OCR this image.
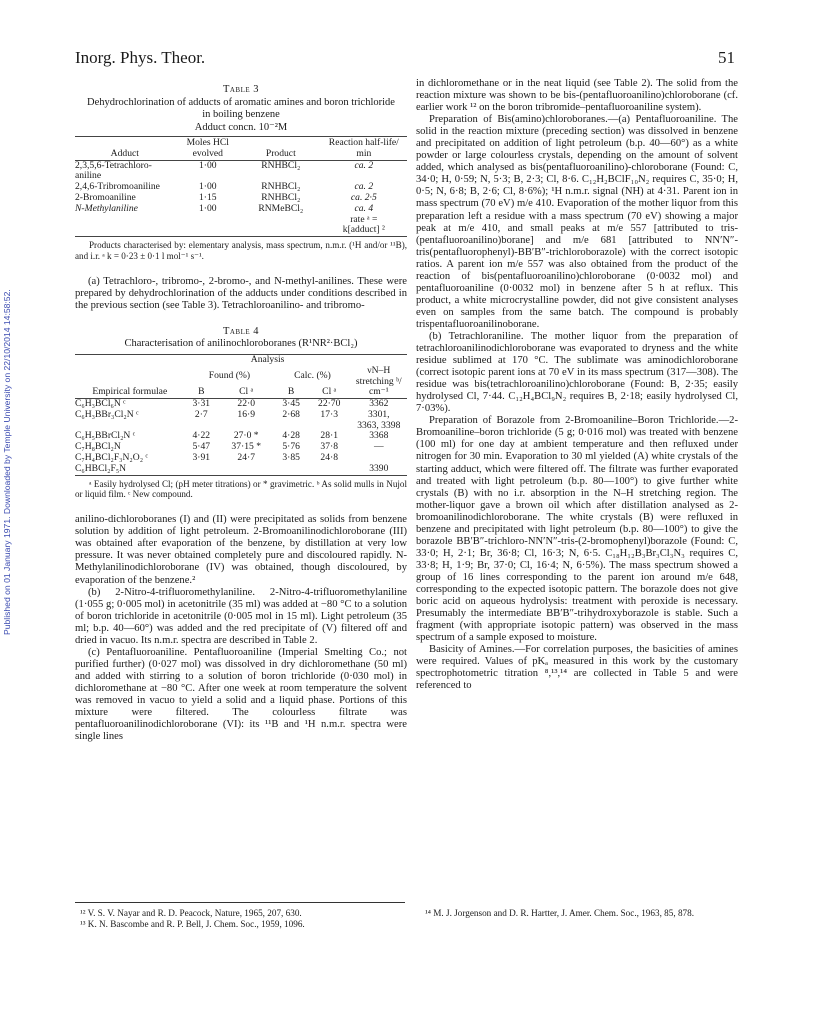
Inorg. Phys. Theor.	51
Published on 01 January 1971. Downloaded by Temple University on 22/10/2014 14:58:52.
Table 3
Dehydrochlorination of adducts of aromatic amines and boron trichloride in boiling benzene
Adduct concn. 10⁻²M
Adduct	Moles HCl evolved	Product	Reaction half-life/ min
2,3,5,6-Tetrachloro-aniline	1·00	RNHBCl₂	ca. 2
2,4,6-Tribromoaniline	1·00	RNHBCl₂	ca. 2
2-Bromoaniline	1·15	RNHBCl₂	ca. 2·5
N-Methylaniline	1·00	RNMeBCl₂	ca. 4
			rate ᵃ =
			k[adduct] ²
Products characterised by: elementary analysis, mass spectrum, n.m.r. (¹H and/or ¹¹B), and i.r. ᵃ k = 0·23 ± 0·1 l mol⁻¹ s⁻¹.

(a) Tetrachloro-, tribromo-, 2-bromo-, and N-methyl-anilines. These were prepared by dehydrochlorination of the adducts under conditions described in the previous section (see Table 3). Tetrachloroanilino- and tribromo-

Table 4
Characterisation of anilinochloroboranes (R¹NR²·BCl₂)
	Analysis				
Empirical formulae	Found (%)		Calc. (%)		νN–H stretching ᵇ/ cm⁻¹
	B	Cl ᵃ	B	Cl ᵃ	
C₆H₃BCl₆N ᶜ	3·31	22·0	3·45	22·70	3362
C₆H₃BBr₃Cl₂N ᶜ	2·7	16·9	2·68	17·3	3301, 3363, 3398
C₆H₅BBrCl₂N ᶜ	4·22	27·0 *	4·28	28·1	3368
C₇H₈BCl₂N	5·47	37·15 *	5·76	37·8	—
C₇H₄BCl₂F₃N₂O₂ ᶜ	3·91	24·7	3·85	24·8	
C₆HBCl₂F₅N					3390
ᵃ Easily hydrolysed Cl; (pH meter titrations) or * gravimetric. ᵇ As solid mulls in Nujol or liquid film. ᶜ New compound.

anilino-dichloroboranes (I) and (II) were precipitated as solids from benzene solution by addition of light petroleum. 2-Bromoanilinodichloroborane (III) was obtained after evaporation of the benzene, by distillation at very low pressure. It was never obtained completely pure and discoloured rapidly. N-Methylanilinodichloroborane (IV) was obtained, though discoloured, by evaporation of the benzene.²

(b) 2-Nitro-4-trifluoromethylaniline. 2-Nitro-4-trifluoromethylaniline (1·055 g; 0·005 mol) in acetonitrile (35 ml) was added at −80 °C to a solution of boron trichloride in acetonitrile (0·005 mol in 15 ml). Light petroleum (35 ml; b.p. 40—60°) was added and the red precipitate of (V) filtered off and dried in vacuo. Its n.m.r. spectra are described in Table 2.

(c) Pentafluoroaniline. Pentafluoroaniline (Imperial Smelting Co.; not purified further) (0·027 mol) was dissolved in dry dichloromethane (50 ml) and added with stirring to a solution of boron trichloride (0·030 mol) in dichloromethane at −80 °C. After one week at room temperature the solvent was removed in vacuo to yield a solid and a liquid phase. Portions of this mixture were filtered. The colourless filtrate was pentafluoroanilinodichloroborane (VI): its ¹¹B and ¹H n.m.r. spectra were single lines

in dichloromethane or in the neat liquid (see Table 2). The solid from the reaction mixture was shown to be bis-(pentafluoroanilino)chloroborane (cf. earlier work ¹² on the boron tribromide–pentafluoroaniline system).

Preparation of Bis(amino)chloroboranes.—(a) Pentafluoroaniline. The solid in the reaction mixture (preceding section) was dissolved in benzene and precipitated on addition of light petroleum (b.p. 40—60°) as a white powder or large colourless crystals, depending on the amount of solvent added, which analysed as bis(pentafluoroanilino)-chloroborane (Found: C, 34·0; H, 0·59; N, 5·3; B, 2·3; Cl, 8·6. C₁₂H₂BClF₁₀N₂ requires C, 35·0; H, 0·5; N, 6·8; B, 2·6; Cl, 8·6%); ¹H n.m.r. signal (NH) at 4·31. Parent ion in mass spectrum (70 eV) m/e 410. Evaporation of the mother liquor from this preparation left a residue with a mass spectrum (70 eV) showing a major peak at m/e 410, and small peaks at m/e 557 [attributed to tris-(pentafluoroanilino)borane] and m/e 681 [attributed to NN′N″-tris(pentafluorophenyl)-BB′B″-trichloroborazole) with the correct isotopic ratios. A parent ion m/e 557 was also obtained from the product of the reaction of bis(pentafluoroanilino)chloroborane (0·0032 mol) and pentafluoroaniline (0·0032 mol) in benzene after 5 h at reflux. This product, a white microcrystalline powder, did not give consistent analyses even on samples from the same batch. The compound is probably trispentafluoroanilinoborane.

(b) Tetrachloraniline. The mother liquor from the preparation of tetrachloroanilinodichloroborane was evaporated to dryness and the white residue sublimed at 170 °C. The sublimate was aminodichloroborane (correct isotopic parent ions at 70 eV in its mass spectrum (317—308). The residue was bis(tetrachloroanilino)chloroborane (Found: B, 2·35; easily hydrolysed Cl, 7·44. C₁₂H₄BCl₉N₂ requires B, 2·18; easily hydrolysed Cl, 7·03%).

Preparation of Borazole from 2-Bromoaniline–Boron Trichloride.—2-Bromoaniline–boron trichloride (5 g; 0·016 mol) was treated with benzene (100 ml) for one day at ambient temperature and then refluxed under nitrogen for 30 min. Evaporation to 30 ml yielded (A) white crystals of the starting adduct, which were filtered off. The filtrate was further evaporated and treated with light petroleum (b.p. 80—100°) to give further white crystals (B) with no i.r. absorption in the N–H stretching region. The mother-liquor gave a brown oil which after distillation analysed as 2-bromoanilinodichloroborane. The white crystals (B) were refluxed in benzene and precipitated with light petroleum (b.p. 80—100°) to give the borazole BB′B″-trichloro-NN′N″-tris-(2-bromophenyl)borazole (Found: C, 33·0; H, 2·1; Br, 36·8; Cl, 16·3; N, 6·5. C₁₈H₁₂B₃Br₃Cl₃N₃ requires C, 33·8; H, 1·9; Br, 37·0; Cl, 16·4; N, 6·5%). The mass spectrum showed a group of 16 lines corresponding to the parent ion around m/e 648, corresponding to the expected isotopic pattern. The borazole does not give boric acid on aqueous hydrolysis: treatment with peroxide is necessary. Presumably the intermediate BB′B″-trihydroxyborazole is stable. Such a fragment (with appropriate isotopic pattern) was observed in the mass spectrum of a sample exposed to moisture.

Basicity of Amines.—For correlation purposes, the basicities of amines were required. Values of pKₐ measured in this work by the customary spectrophotometric titration ⁸,¹³,¹⁴ are collected in Table 5 and were referenced to

¹² V. S. V. Nayar and R. D. Peacock, Nature, 1965, 207, 630.
¹³ K. N. Bascombe and R. P. Bell, J. Chem. Soc., 1959, 1096.
¹⁴ M. J. Jorgenson and D. R. Hartter, J. Amer. Chem. Soc., 1963, 85, 878.
